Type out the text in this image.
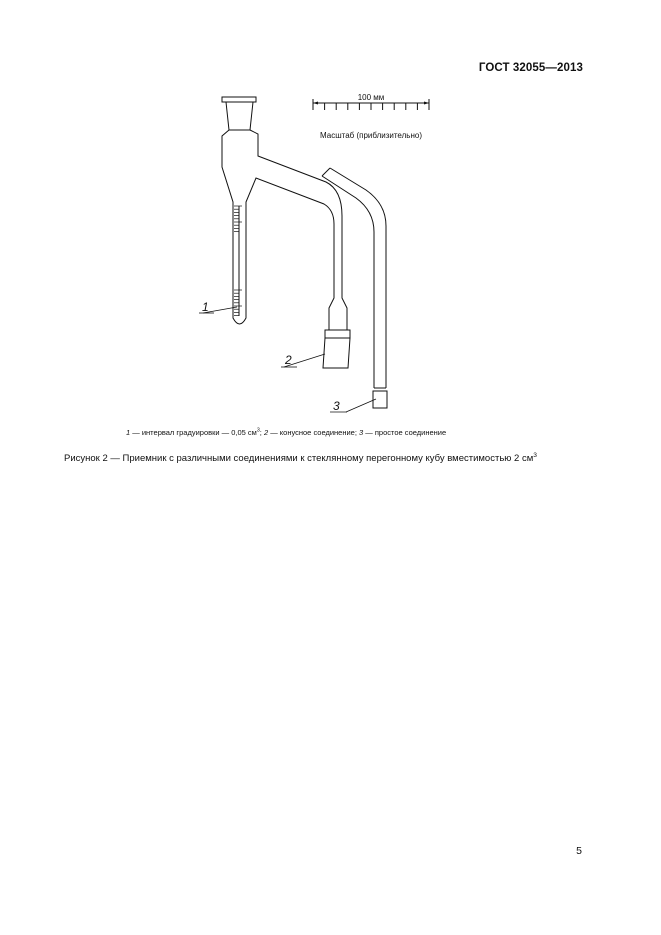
ГОСТ 32055—2013
100 мм
Масштаб (приблизительно)
1
2
3
1 — интервал градуировки — 0,05 $см^3$; 2 — конусное соединение; 3 — простое соединение
Рисунок 2 — Приемник с различными соединениями к стеклянному перегонному кубу вместимостью 2 $см^3$
5
